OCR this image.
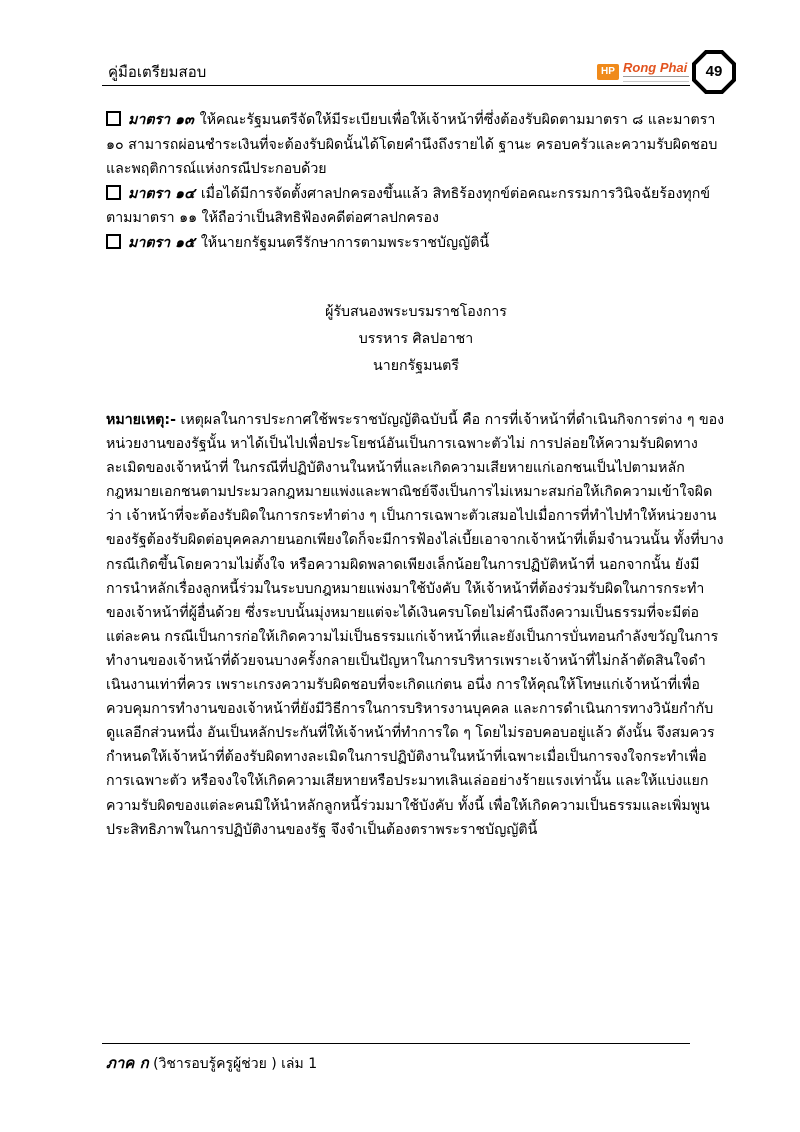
คู่มือเตรียมสอบ	HP Rong Phai	49

มาตรา ๑๓ ให้คณะรัฐมนตรีจัดให้มีระเบียบเพื่อให้เจ้าหน้าที่ซึ่งต้องรับผิดตามมาตรา ๘ และมาตรา ๑๐ สามารถผ่อนชำระเงินที่จะต้องรับผิดนั้นได้โดยคำนึงถึงรายได้ ฐานะ ครอบครัวและความรับผิดชอบ และพฤติการณ์แห่งกรณีประกอบด้วย

มาตรา ๑๔ เมื่อได้มีการจัดตั้งศาลปกครองขึ้นแล้ว สิทธิร้องทุกข์ต่อคณะกรรมการวินิจฉัยร้องทุกข์ตามมาตรา ๑๑ ให้ถือว่าเป็นสิทธิฟ้องคดีต่อศาลปกครอง

มาตรา ๑๕ ให้นายกรัฐมนตรีรักษาการตามพระราชบัญญัตินี้

ผู้รับสนองพระบรมราชโองการ
บรรหาร ศิลปอาชา
นายกรัฐมนตรี
หมายเหตุ:- เหตุผลในการประกาศใช้พระราชบัญญัติฉบับนี้ คือ การที่เจ้าหน้าที่ดำเนินกิจการต่าง ๆ ของหน่วยงานของรัฐนั้น หาได้เป็นไปเพื่อประโยชน์อันเป็นการเฉพาะตัวไม่ การปล่อยให้ความรับผิดทางละเมิดของเจ้าหน้าที่ ในกรณีที่ปฏิบัติงานในหน้าที่และเกิดความเสียหายแก่เอกชนเป็นไปตามหลักกฎหมายเอกชนตามประมวลกฎหมายแพ่งและพาณิชย์จึงเป็นการไม่เหมาะสมก่อให้เกิดความเข้าใจผิดว่า เจ้าหน้าที่จะต้องรับผิดในการกระทำต่าง ๆ เป็นการเฉพาะตัวเสมอไปเมื่อการที่ทำไปทำให้หน่วยงานของรัฐต้องรับผิดต่อบุคคลภายนอกเพียงใดก็จะมีการฟ้องไล่เบี้ยเอาจากเจ้าหน้าที่เต็มจำนวนนั้น ทั้งที่บางกรณีเกิดขึ้นโดยความไม่ตั้งใจ หรือความผิดพลาดเพียงเล็กน้อยในการปฏิบัติหน้าที่ นอกจากนั้น ยังมีการนำหลักเรื่องลูกหนี้ร่วมในระบบกฎหมายแพ่งมาใช้บังคับ ให้เจ้าหน้าที่ต้องร่วมรับผิดในการกระทำของเจ้าหน้าที่ผู้อื่นด้วย ซึ่งระบบนั้นมุ่งหมายแต่จะได้เงินครบโดยไม่คำนึงถึงความเป็นธรรมที่จะมีต่อแต่ละคน กรณีเป็นการก่อให้เกิดความไม่เป็นธรรมแก่เจ้าหน้าที่และยังเป็นการบั่นทอนกำลังขวัญในการทำงานของเจ้าหน้าที่ด้วยจนบางครั้งกลายเป็นปัญหาในการบริหารเพราะเจ้าหน้าที่ไม่กล้าตัดสินใจดำเนินงานเท่าที่ควร เพราะเกรงความรับผิดชอบที่จะเกิดแก่ตน อนึ่ง การให้คุณให้โทษแก่เจ้าหน้าที่เพื่อควบคุมการทำงานของเจ้าหน้าที่ยังมีวิธีการในการบริหารงานบุคคล และการดำเนินการทางวินัยกำกับดูแลอีกส่วนหนึ่ง อันเป็นหลักประกันที่ให้เจ้าหน้าที่ทำการใด ๆ โดยไม่รอบคอบอยู่แล้ว ดังนั้น จึงสมควรกำหนดให้เจ้าหน้าที่ต้องรับผิดทางละเมิดในการปฏิบัติงานในหน้าที่เฉพาะเมื่อเป็นการจงใจกระทำเพื่อการเฉพาะตัว หรือจงใจให้เกิดความเสียหายหรือประมาทเลินเล่ออย่างร้ายแรงเท่านั้น และให้แบ่งแยกความรับผิดของแต่ละคนมิให้นำหลักลูกหนี้ร่วมมาใช้บังคับ ทั้งนี้ เพื่อให้เกิดความเป็นธรรมและเพิ่มพูนประสิทธิภาพในการปฏิบัติงานของรัฐ จึงจำเป็นต้องตราพระราชบัญญัตินี้
ภาค ก (วิชารอบรู้ครูผู้ช่วย ) เล่ม 1
